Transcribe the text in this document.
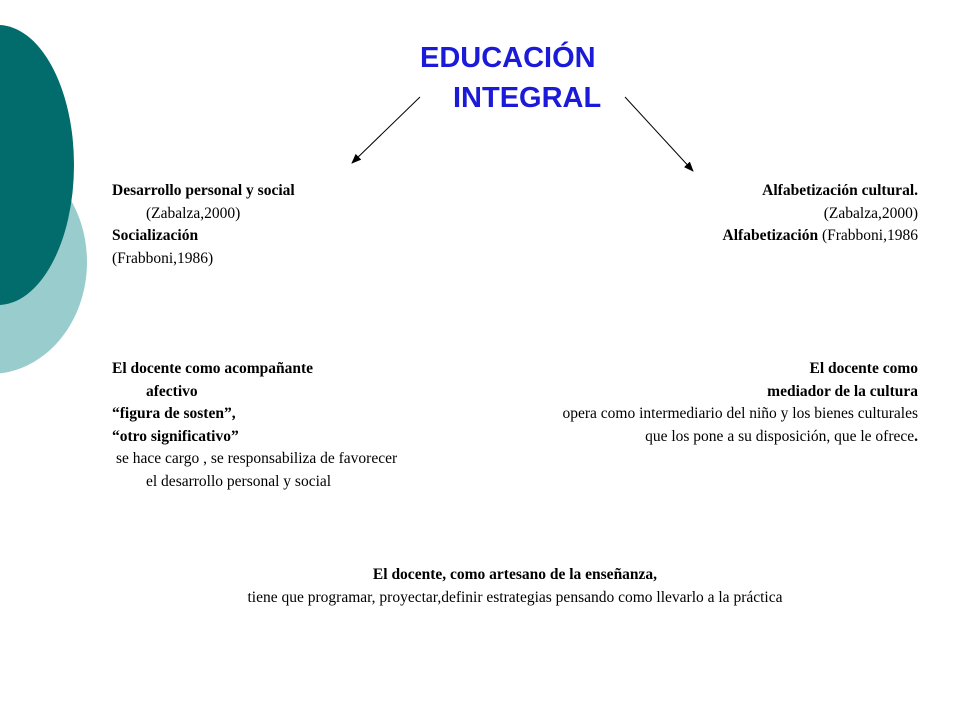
EDUCACIÓN
INTEGRAL

Desarrollo personal y social

(Zabalza,2000)

Socialización

(Frabboni,1986)

Alfabetización cultural.

(Zabalza,2000)

Alfabetización (Frabboni,1986

El docente como acompañante

afectivo

“figura de sosten”,

“otro significativo”

se hace cargo , se responsabiliza de favorecer el desarrollo personal y social

El docente como

mediador de la cultura

opera como intermediario del niño y los bienes culturales que los pone a su disposición, que le ofrece.

El docente, como artesano de la enseñanza,

tiene que programar, proyectar,definir estrategias pensando como llevarlo a la práctica
